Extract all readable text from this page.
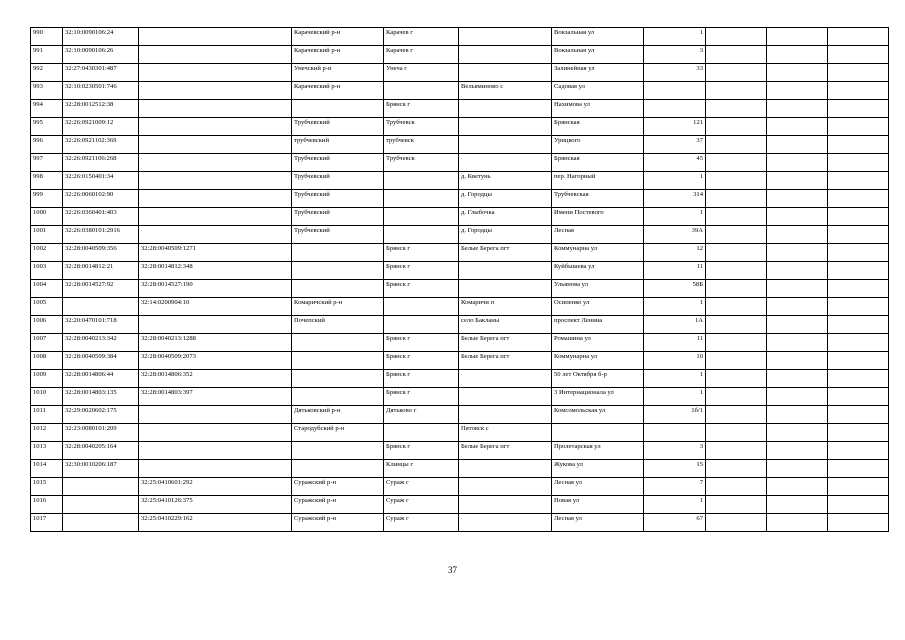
990	32:10:0090106:24		Карачевский р-н	Карачев г		Вокзальная ул	1			
991	32:10:0090106:26		Карачевский р-н	Карачев г		Вокзальная ул	3			
992	32:27:0430301:487		Унечский р-н	Унеча г		Залинейная ул	33			
993	32:10:0230501:746		Карачевский р-н		Вельяминово с	Садовая ул				
994	32:28:0012512:38			Брянск г		Нахимова ул				
995	32:26:0921009:12		Трубчевский	Трубчевск		Брянская	121			
996	32:26:0921102:369		трубчевский	трубчевск		Урицкого	37			
997	32:26:0921106:268		Трубчевский	Трубчевск		Брянская	45			
998	32:26:0150401:34		Трубчевский		д. Кветунь	пер. Нагорный	1			
999	32:26:0060102:90		Трубчевский		д. Городцы	Трубчевская	314			
1000	32:26:0360401:403		Трубчевский		д. Глыбочка	Имени Постевого	1			
1001	32:26:0380101:2916		Трубчевский		д. Городцы	Лесная	39А			
1002	32:28:0040509:356	32:28:0040509:1271		Брянск г	Белые Берега пгт	Коммунарна ул	12			
1003	32:28:0014812:21	32:28:0014812:348		Брянск г		Куйбышева ул	11			
1004	32:28:0014527:92	32:28:0014527:190		Брянск г		Ульянова ул	58Б			
1005		32:14:0200904:10	Комаричский р-н		Комаричи п	Осипенко ул	1			
1006	32:20:0470101:718		Почепский		село Бакланы	проспект Ленина	1А			
1007	32:28:0040213:342	32:28:0040213:1288		Брянск г	Белые Берега пгт	Ромашина ул	11			
1008	32:28:0040509:384	32:28:0040509:2073		Брянск г	Белые Берега пгт	Коммунарна ул	10			
1009	32:28:0014806:44	32:28:0014806:352		Брянск г		50 лет Октября б-р	1			
1010	32:28:0014803:135	32:28:0014803:397		Брянск г		3 Интернационала ул	1			
1011	32:29:0020602:175		Дятьковский р-н	Дятьково г		Комсомольская ул	1б/1			
1012	32:23:0080101:209		Стародубский р-н		Пятовск с					
1013	32:28:0040205:164			Брянск г	Белые Берега пгт	Пролетарская ул	3			
1014	32:30:0010206:187			Клинцы г		Жукова ул	15			
1015		32:25:0410601:292	Суражский р-н	Сураж г		Лесная ул	7			
1016		32:25:0410126:375	Суражский р-н	Сураж г		Новая ул	1			
1017		32:25:0410229:162	Суражский р-н	Сураж г		Лесная ул	67			
37
